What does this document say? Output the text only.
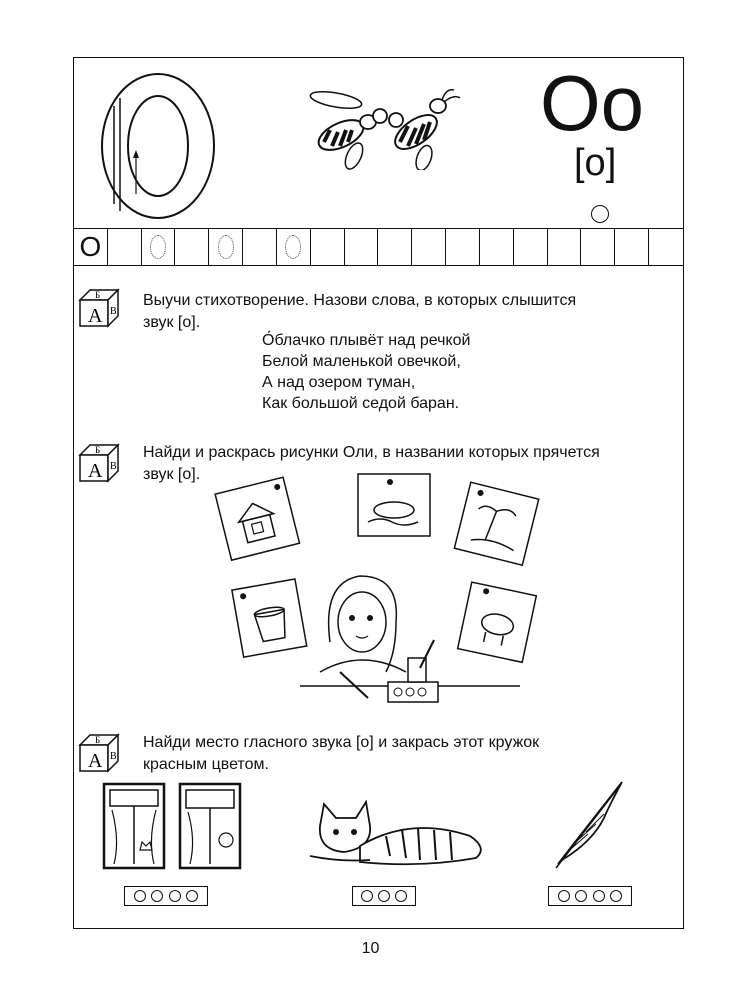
Оо
[о]
O
А
Б
В
Выучи стихотворение. Назови слова, в которых слышится
звук [о].
О́блачко плывёт над речкой
Белой маленькой овечкой,
А над озером туман,
Как большой седой баран.
А
Б
В
Найди и раскрась рисунки Оли, в названии которых прячется
звук [о].
А
Б
В
Найди место гласного звука [о] и закрась этот кружок
красным цветом.
10
